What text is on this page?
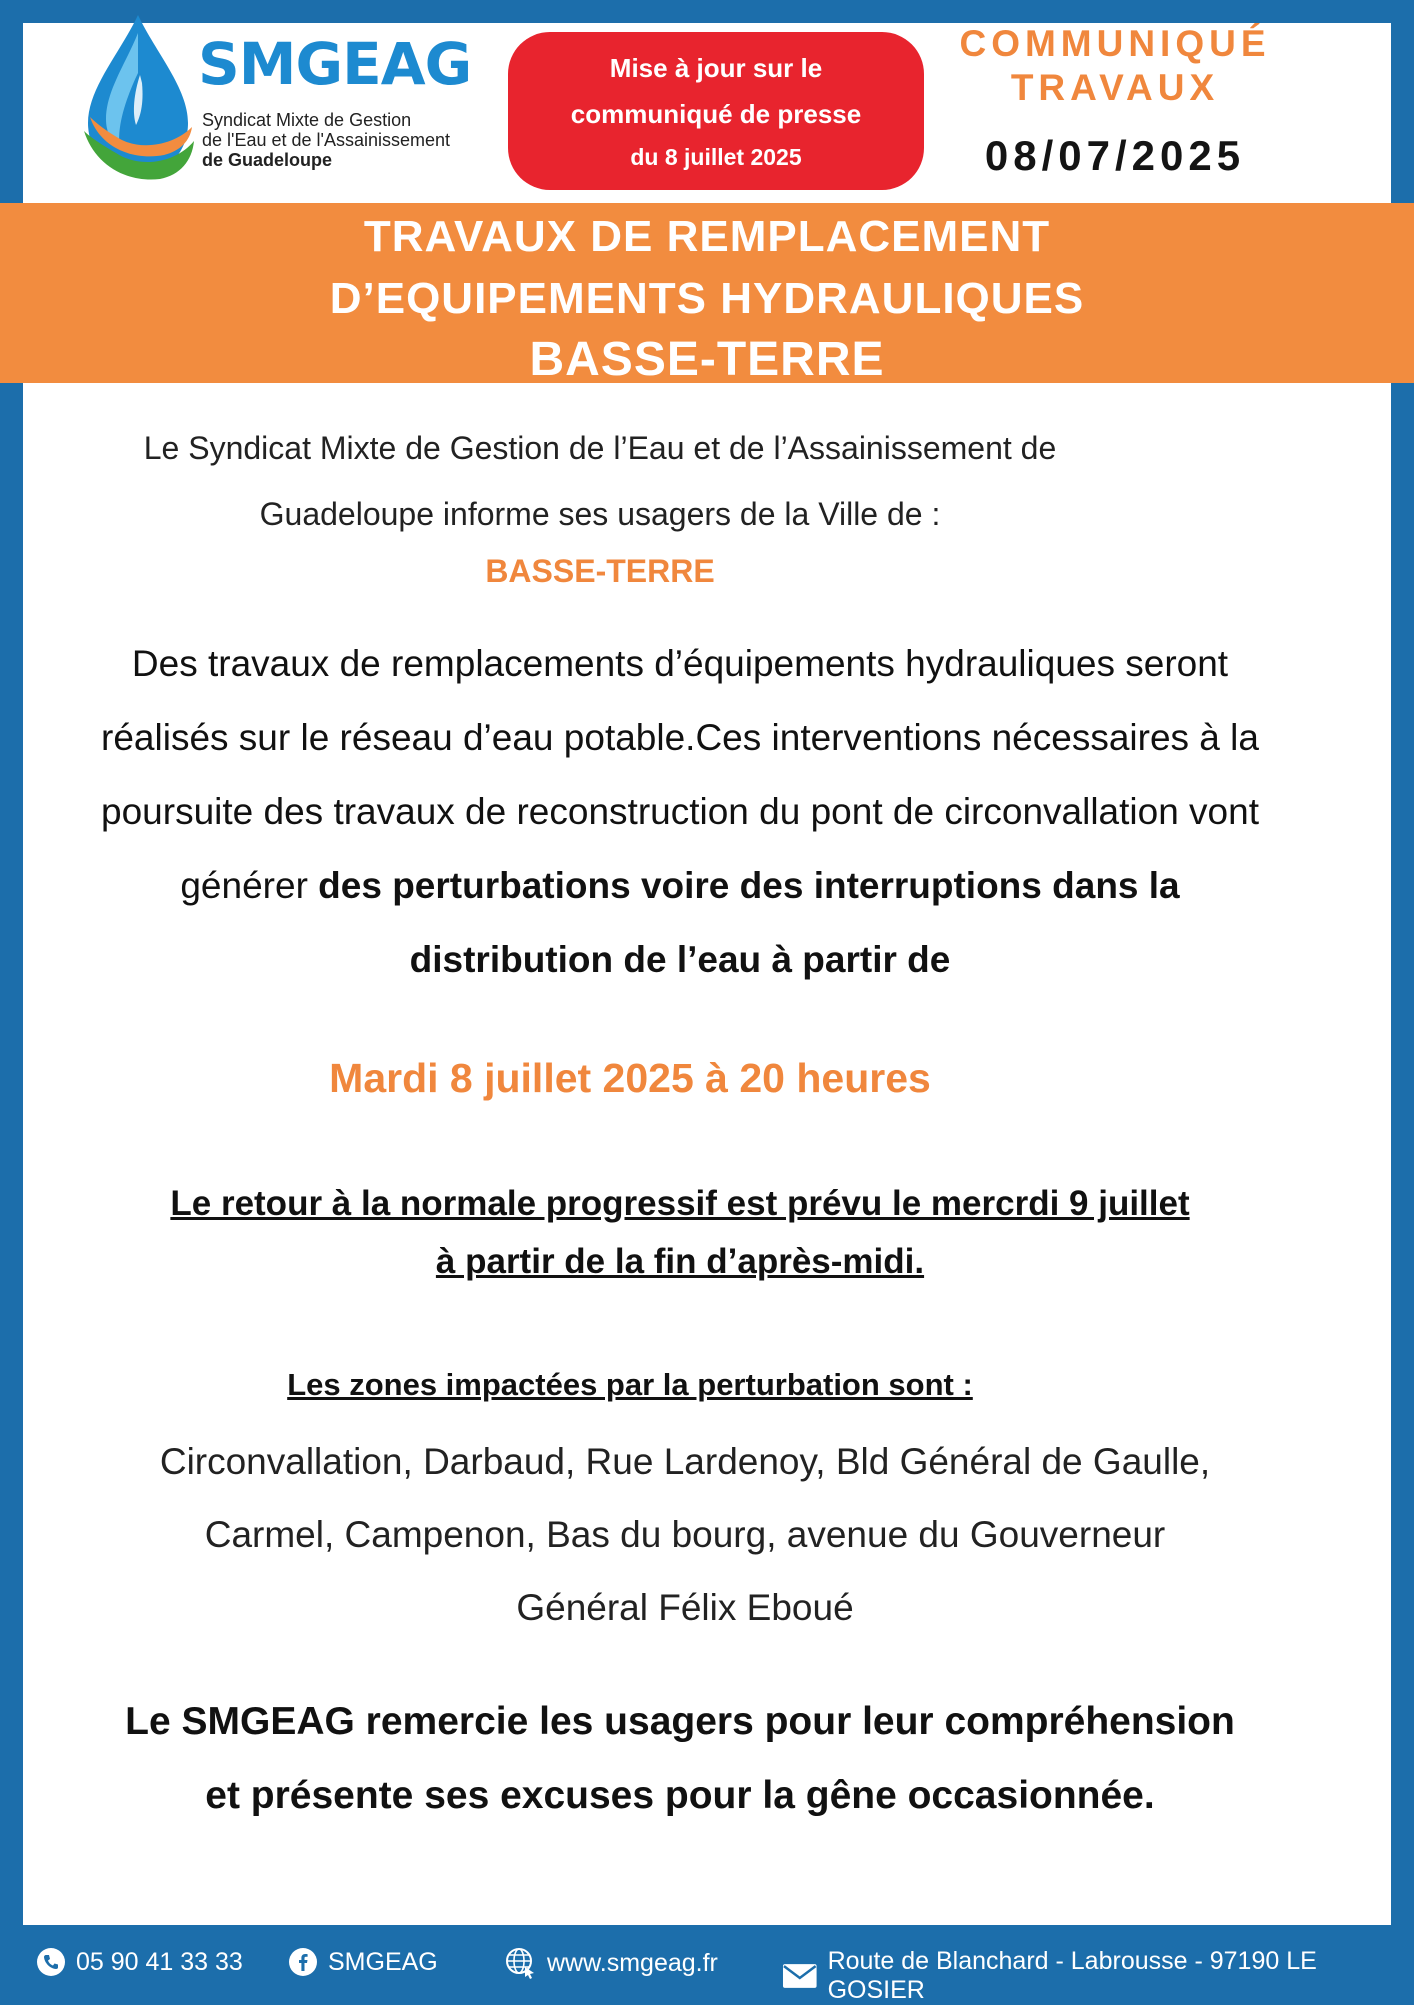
SMGEAG
Syndicat Mixte de Gestion
de l'Eau et de l'Assainissement
de Guadeloupe
Mise à jour sur le
communiqué de presse
du 8 juillet 2025
COMMUNIQUÉ
TRAVAUX
08/07/2025
TRAVAUX DE REMPLACEMENT
D’EQUIPEMENTS HYDRAULIQUES
BASSE-TERRE
Le Syndicat Mixte de Gestion de l’Eau et de l’Assainissement de
Guadeloupe informe ses usagers de la Ville de :
BASSE-TERRE
Des travaux de remplacements d’équipements hydrauliques seront réalisés sur le réseau d’eau potable.Ces interventions nécessaires à la poursuite des travaux de reconstruction du pont de circonvallation vont générer des perturbations voire des interruptions dans la distribution de l’eau à partir de
Mardi 8 juillet 2025 à 20 heures
Le retour à la normale progressif est prévu le mercrdi 9 juillet
à partir de la fin d’après-midi.
Les zones impactées par la perturbation sont :
Circonvallation, Darbaud, Rue Lardenoy, Bld Général de Gaulle,
Carmel, Campenon, Bas du bourg, avenue du Gouverneur
Général Félix Eboué
Le SMGEAG remercie les usagers pour leur compréhension
et présente ses excuses pour la gêne occasionnée.
05 90 41 33 33	SMGEAG	www.smgeag.fr	Route de Blanchard - Labrousse - 97190 LE GOSIER
